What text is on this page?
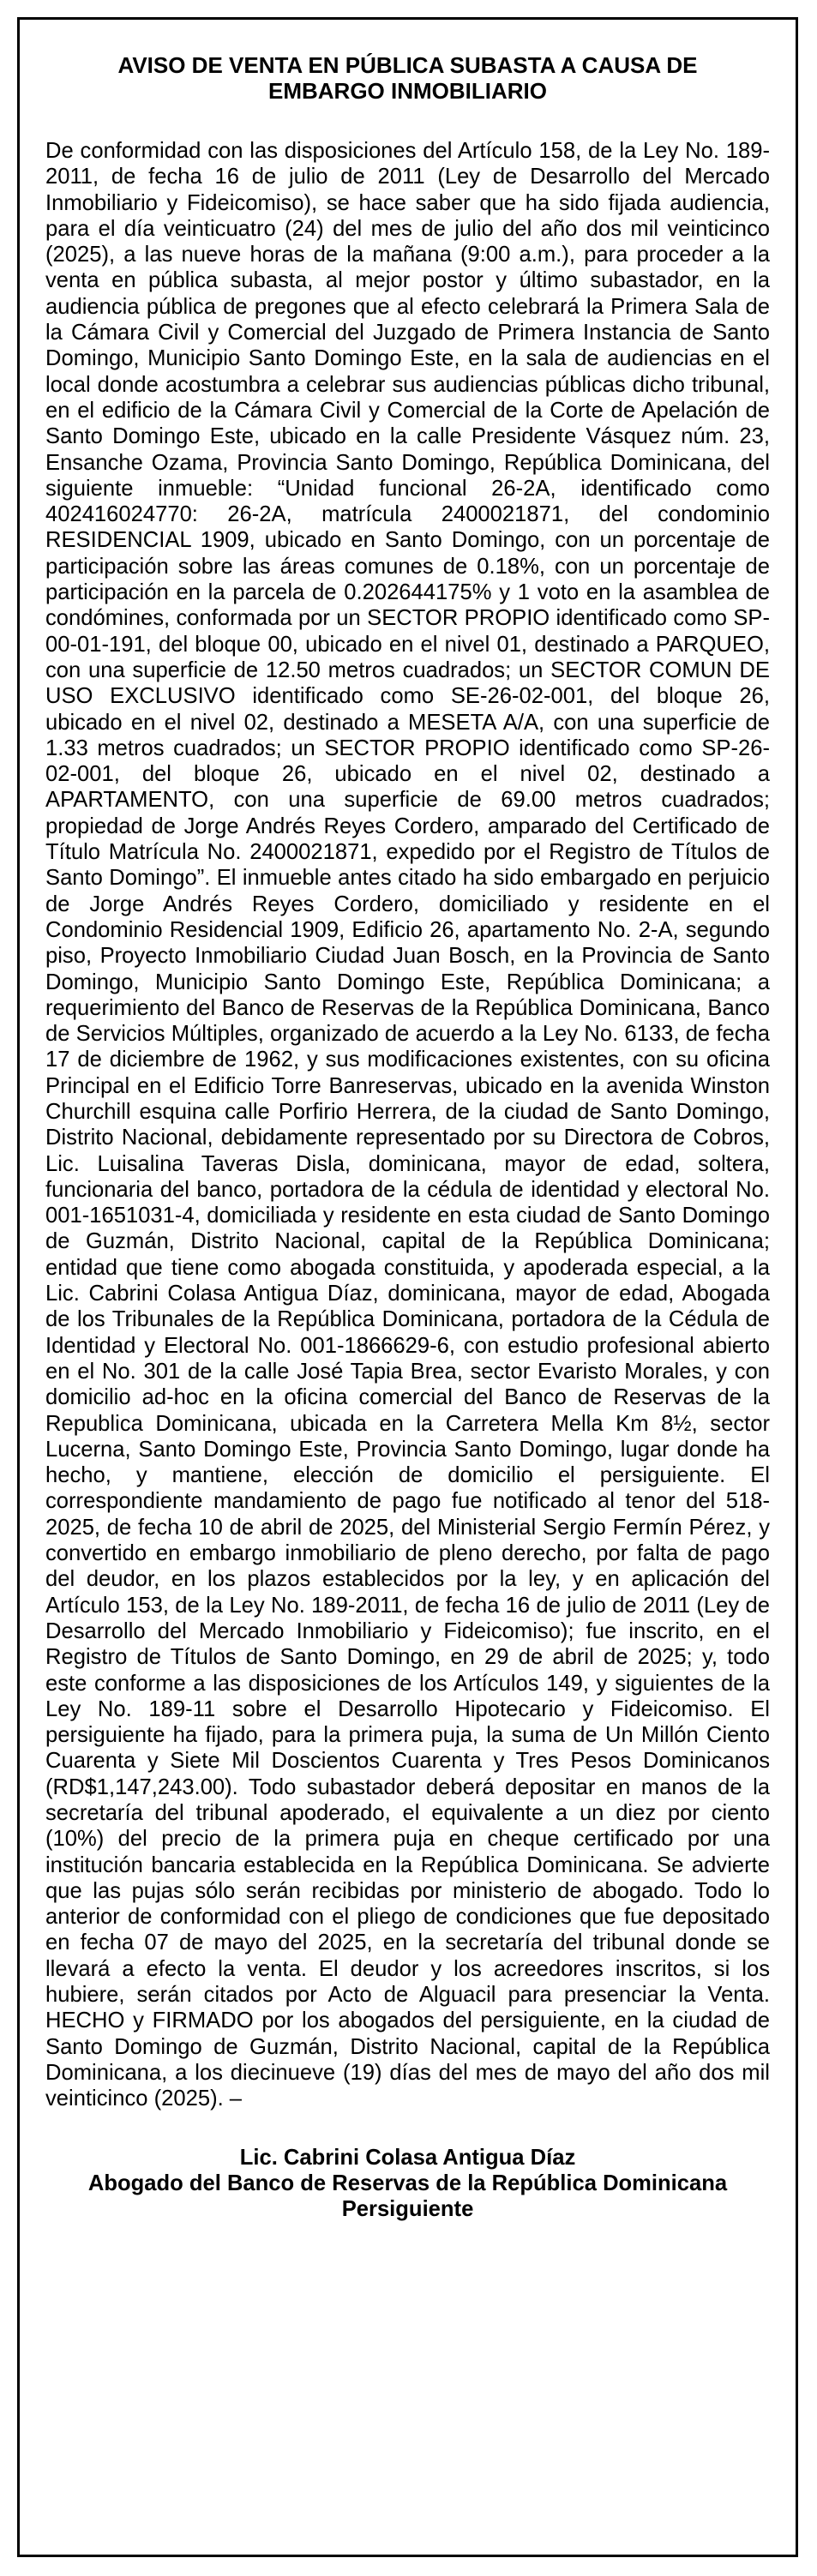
AVISO DE VENTA EN PÚBLICA SUBASTA A CAUSA DE
EMBARGO INMOBILIARIO

De conformidad con las disposiciones del Artículo 158, de la Ley No. 189-2011, de fecha 16 de julio de 2011 (Ley de Desarrollo del Mercado Inmobiliario y Fideicomiso), se hace saber que ha sido fijada audiencia, para el día veinticuatro (24) del mes de julio del año dos mil veinticinco (2025), a las nueve horas de la mañana (9:00 a.m.), para proceder a la venta en pública subasta, al mejor postor y último subastador, en la audiencia pública de pregones que al efecto celebrará la Primera Sala de la Cámara Civil y Comercial del Juzgado de Primera Instancia de Santo Domingo, Municipio Santo Domingo Este, en la sala de audiencias en el local donde acostumbra a celebrar sus audiencias públicas dicho tribunal, en el edificio de la Cámara Civil y Comercial de la Corte de Apelación de Santo Domingo Este, ubicado en la calle Presidente Vásquez núm. 23, Ensanche Ozama, Provincia Santo Domingo, República Dominicana, del siguiente inmueble: “Unidad funcional 26-2A, identificado como 402416024770: 26-2A, matrícula 2400021871, del condominio RESIDENCIAL 1909, ubicado en Santo Domingo, con un porcentaje de participación sobre las áreas comunes de 0.18%, con un porcentaje de participación en la parcela de 0.202644175% y 1 voto en la asamblea de condómines, conformada por un SECTOR PROPIO identificado como SP-00-01-191, del bloque 00, ubicado en el nivel 01, destinado a PARQUEO, con una superficie de 12.50 metros cuadrados; un SECTOR COMUN DE USO EXCLUSIVO identificado como SE-26-02-001, del bloque 26, ubicado en el nivel 02, destinado a MESETA A/A, con una superficie de 1.33 metros cuadrados; un SECTOR PROPIO identificado como SP-26-02-001, del bloque 26, ubicado en el nivel 02, destinado a APARTAMENTO, con una superficie de 69.00 metros cuadrados; propiedad de Jorge Andrés Reyes Cordero, amparado del Certificado de Título Matrícula No. 2400021871, expedido por el Registro de Títulos de Santo Domingo”. El inmueble antes citado ha sido embargado en perjuicio de Jorge Andrés Reyes Cordero, domiciliado y residente en el Condominio Residencial 1909, Edificio 26, apartamento No. 2-A, segundo piso, Proyecto Inmobiliario Ciudad Juan Bosch, en la Provincia de Santo Domingo, Municipio Santo Domingo Este, República Dominicana; a requerimiento del Banco de Reservas de la República Dominicana, Banco de Servicios Múltiples, organizado de acuerdo a la Ley No. 6133, de fecha 17 de diciembre de 1962, y sus modificaciones existentes, con su oficina Principal en el Edificio Torre Banreservas, ubicado en la avenida Winston Churchill esquina calle Porfirio Herrera, de la ciudad de Santo Domingo, Distrito Nacional, debidamente representado por su Directora de Cobros, Lic. Luisalina Taveras Disla, dominicana, mayor de edad, soltera, funcionaria del banco, portadora de la cédula de identidad y electoral No. 001-1651031-4, domiciliada y residente en esta ciudad de Santo Domingo de Guzmán, Distrito Nacional, capital de la República Dominicana; entidad que tiene como abogada constituida, y apoderada especial, a la Lic. Cabrini Colasa Antigua Díaz, dominicana, mayor de edad, Abogada de los Tribunales de la República Dominicana, portadora de la Cédula de Identidad y Electoral No. 001-1866629-6, con estudio profesional abierto en el No. 301 de la calle José Tapia Brea, sector Evaristo Morales, y con domicilio ad-hoc en la oficina comercial del Banco de Reservas de la Republica Dominicana, ubicada en la Carretera Mella Km 8½, sector Lucerna, Santo Domingo Este, Provincia Santo Domingo, lugar donde ha hecho, y mantiene, elección de domicilio el persiguiente. El correspondiente mandamiento de pago fue notificado al tenor del 518-2025, de fecha 10 de abril de 2025, del Ministerial Sergio Fermín Pérez, y convertido en embargo inmobiliario de pleno derecho, por falta de pago del deudor, en los plazos establecidos por la ley, y en aplicación del Artículo 153, de la Ley No. 189-2011, de fecha 16 de julio de 2011 (Ley de Desarrollo del Mercado Inmobiliario y Fideicomiso); fue inscrito, en el Registro de Títulos de Santo Domingo, en 29 de abril de 2025; y, todo este conforme a las disposiciones de los Artículos 149, y siguientes de la Ley No. 189-11 sobre el Desarrollo Hipotecario y Fideicomiso. El persiguiente ha fijado, para la primera puja, la suma de Un Millón Ciento Cuarenta y Siete Mil Doscientos Cuarenta y Tres Pesos Dominicanos (RD$1,147,243.00). Todo subastador deberá depositar en manos de la secretaría del tribunal apoderado, el equivalente a un diez por ciento (10%) del precio de la primera puja en cheque certificado por una institución bancaria establecida en la República Dominicana. Se advierte que las pujas sólo serán recibidas por ministerio de abogado. Todo lo anterior de conformidad con el pliego de condiciones que fue depositado en fecha 07 de mayo del 2025, en la secretaría del tribunal donde se llevará a efecto la venta. El deudor y los acreedores inscritos, si los hubiere, serán citados por Acto de Alguacil para presenciar la Venta. HECHO y FIRMADO por los abogados del persiguiente, en la ciudad de Santo Domingo de Guzmán, Distrito Nacional, capital de la República Dominicana, a los diecinueve (19) días del mes de mayo del año dos mil veinticinco (2025). –

Lic. Cabrini Colasa Antigua Díaz
Abogado del Banco de Reservas de la República Dominicana
Persiguiente
